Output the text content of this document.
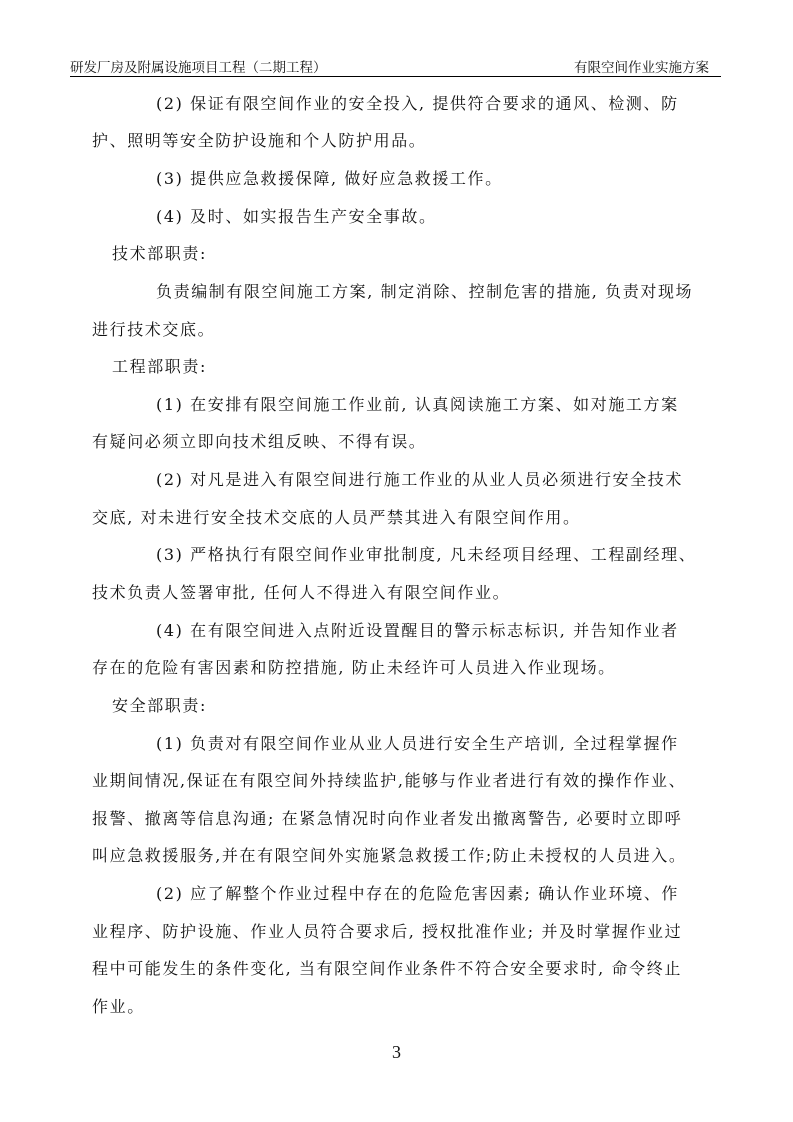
研发厂房及附属设施项目工程（二期工程）	有限空间作业实施方案
(2) 保证有限空间作业的安全投入, 提供符合要求的通风、检测、防
护、照明等安全防护设施和个人防护用品。
(3) 提供应急救援保障, 做好应急救援工作。
(4) 及时、如实报告生产安全事故。
技术部职责:
负责编制有限空间施工方案, 制定消除、控制危害的措施, 负责对现场
进行技术交底。
工程部职责:
(1) 在安排有限空间施工作业前, 认真阅读施工方案、如对施工方案
有疑问必须立即向技术组反映、不得有误。
(2) 对凡是进入有限空间进行施工作业的从业人员必须进行安全技术
交底, 对未进行安全技术交底的人员严禁其进入有限空间作用。
(3) 严格执行有限空间作业审批制度, 凡未经项目经理、工程副经理、
技术负责人签署审批, 任何人不得进入有限空间作业。
(4) 在有限空间进入点附近设置醒目的警示标志标识, 并告知作业者
存在的危险有害因素和防控措施, 防止未经许可人员进入作业现场。
安全部职责:
(1) 负责对有限空间作业从业人员进行安全生产培训, 全过程掌握作
业期间情况,保证在有限空间外持续监护,能够与作业者进行有效的操作作业、
报警、撤离等信息沟通; 在紧急情况时向作业者发出撤离警告, 必要时立即呼
叫应急救援服务,并在有限空间外实施紧急救援工作;防止未授权的人员进入。
(2) 应了解整个作业过程中存在的危险危害因素; 确认作业环境、作
业程序、防护设施、作业人员符合要求后, 授权批准作业; 并及时掌握作业过
程中可能发生的条件变化, 当有限空间作业条件不符合安全要求时, 命令终止
作业。
3
